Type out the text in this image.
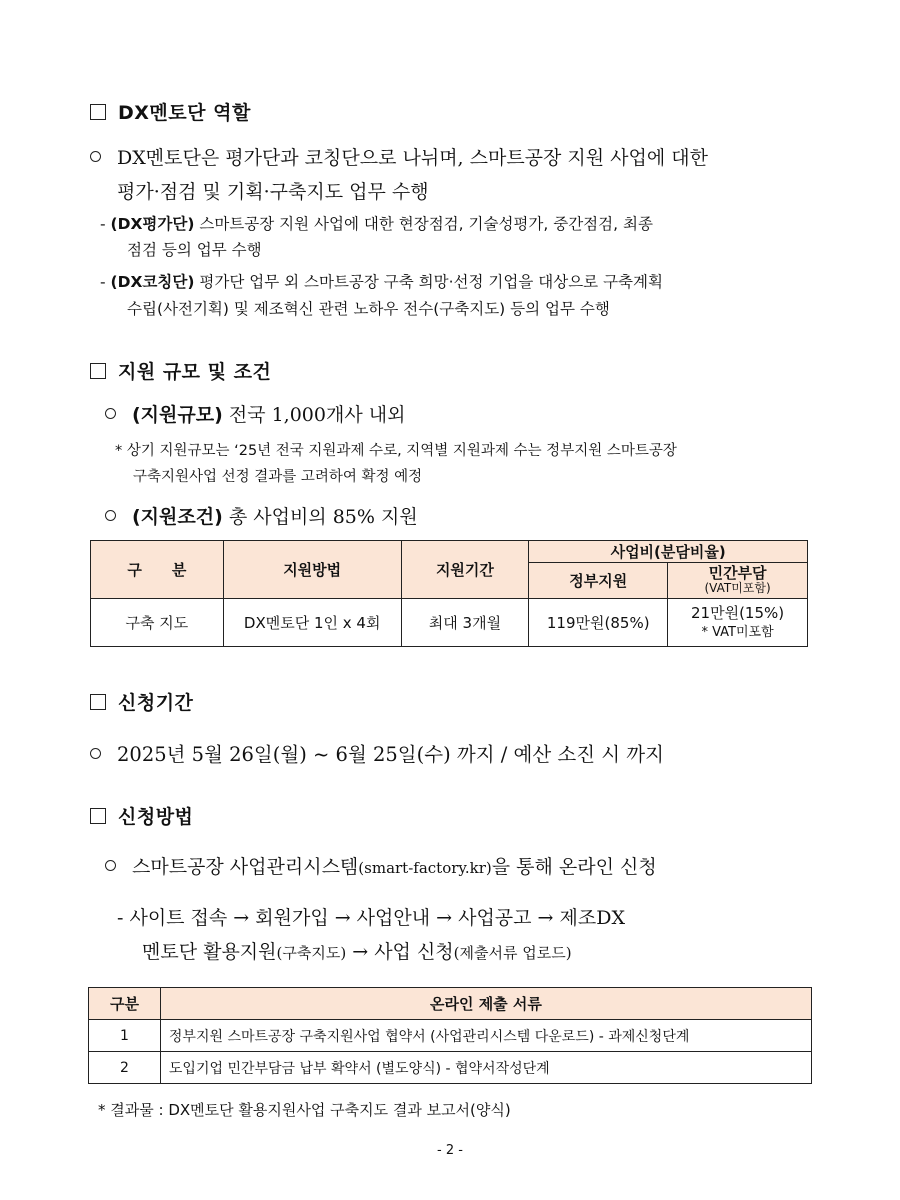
DX멘토단 역할
DX멘토단은 평가단과 코칭단으로 나뉘며, 스마트공장 지원 사업에 대한
평가·점검 및 기획·구축지도 업무 수행
- (DX평가단) 스마트공장 지원 사업에 대한 현장점검, 기술성평가, 중간점검, 최종
점검 등의 업무 수행
- (DX코칭단) 평가단 업무 외 스마트공장 구축 희망·선정 기업을 대상으로 구축계획
수립(사전기획) 및 제조혁신 관련 노하우 전수(구축지도) 등의 업무 수행
지원 규모 및 조건
(지원규모) 전국 1,000개사 내외
* 상기 지원규모는 ‘25년 전국 지원과제 수로, 지역별 지원과제 수는 정부지원 스마트공장
구축지원사업 선정 결과를 고려하여 확정 예정
(지원조건) 총 사업비의 85% 지원
구　　분	지원방법	지원기간	사업비(분담비율)	
			정부지원	민간부담
(VAT미포함)

구축 지도	DX멘토단 1인 x 4회	최대 3개월	119만원(85%)	21만원(15%)
* VAT미포함
신청기간
2025년 5월 26일(월) ~ 6월 25일(수) 까지 / 예산 소진 시 까지
신청방법
스마트공장 사업관리시스템(smart-factory.kr)을 통해 온라인 신청
- 사이트 접속 → 회원가입 → 사업안내 → 사업공고 → 제조DX
멘토단 활용지원(구축지도) → 사업 신청(제출서류 업로드)
구분	온라인 제출 서류
1	정부지원 스마트공장 구축지원사업 협약서 (사업관리시스템 다운로드) - 과제신청단계
2	도입기업 민간부담금 납부 확약서 (별도양식) - 협약서작성단계
* 결과물 : DX멘토단 활용지원사업 구축지도 결과 보고서(양식)
- 2 -
